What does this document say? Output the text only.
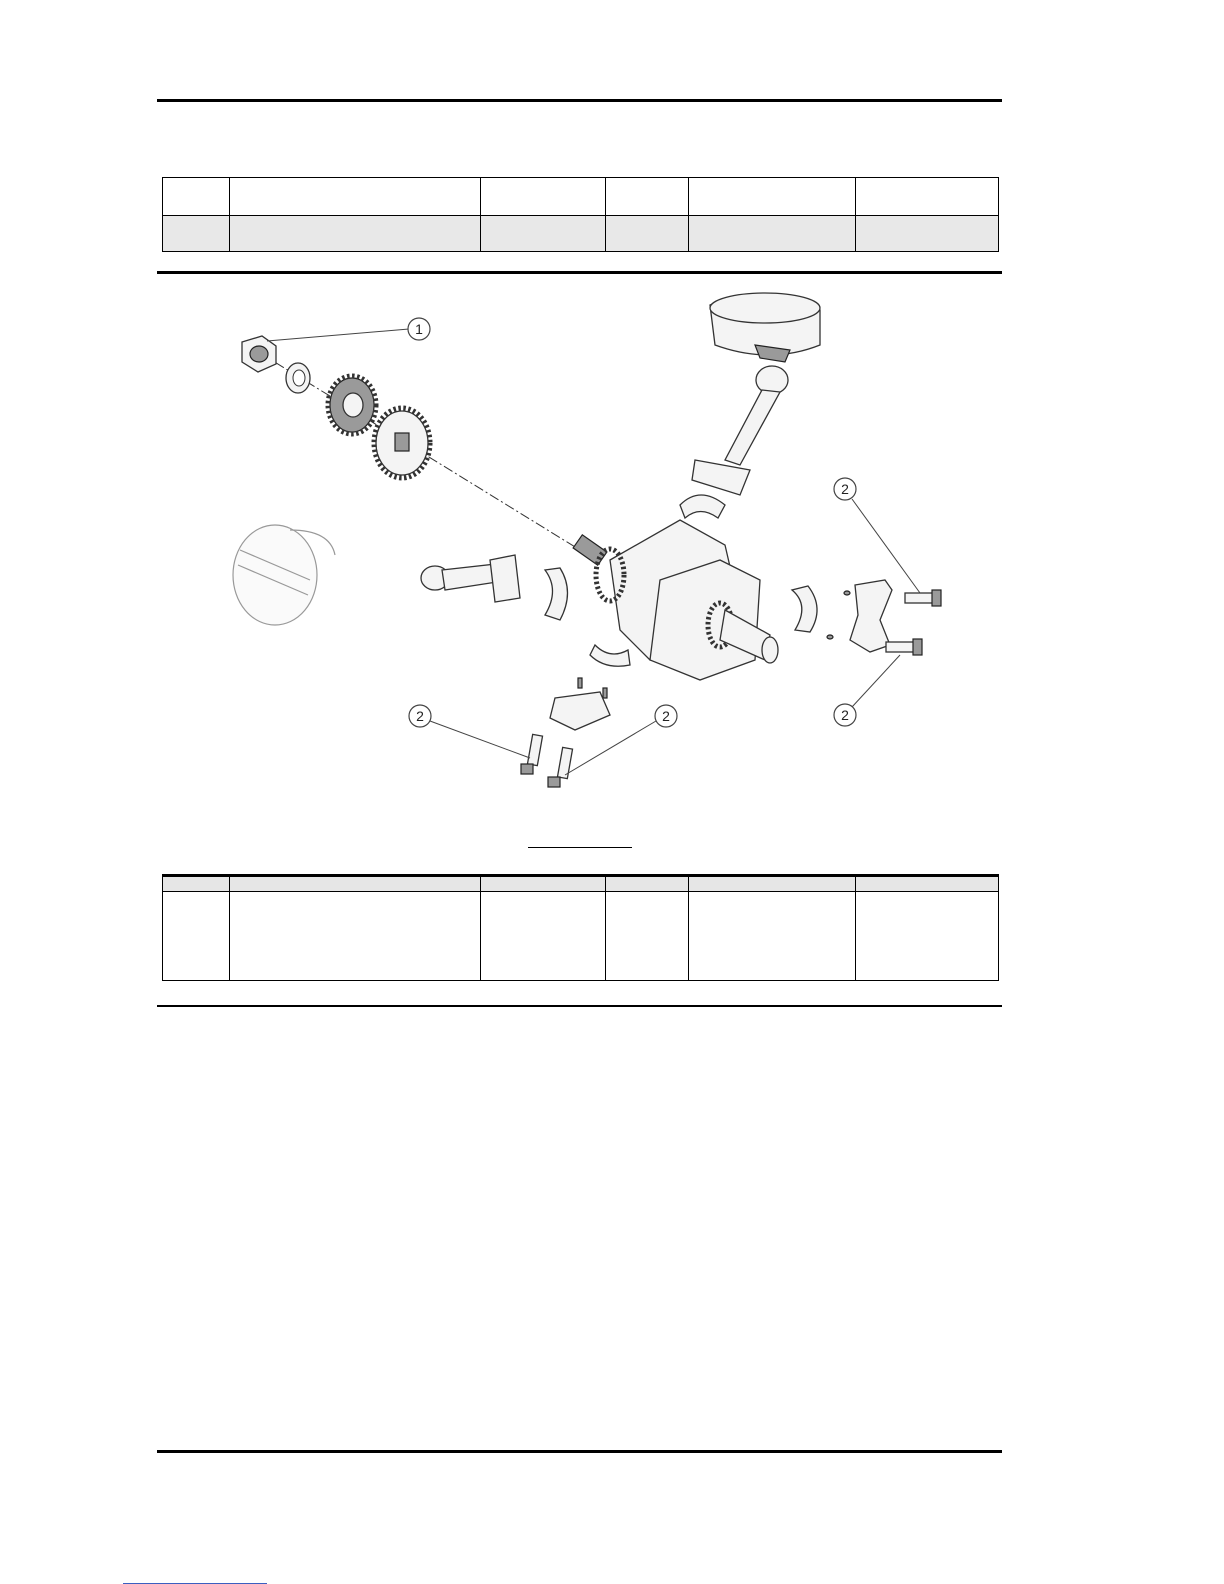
1
2
2
2	2
